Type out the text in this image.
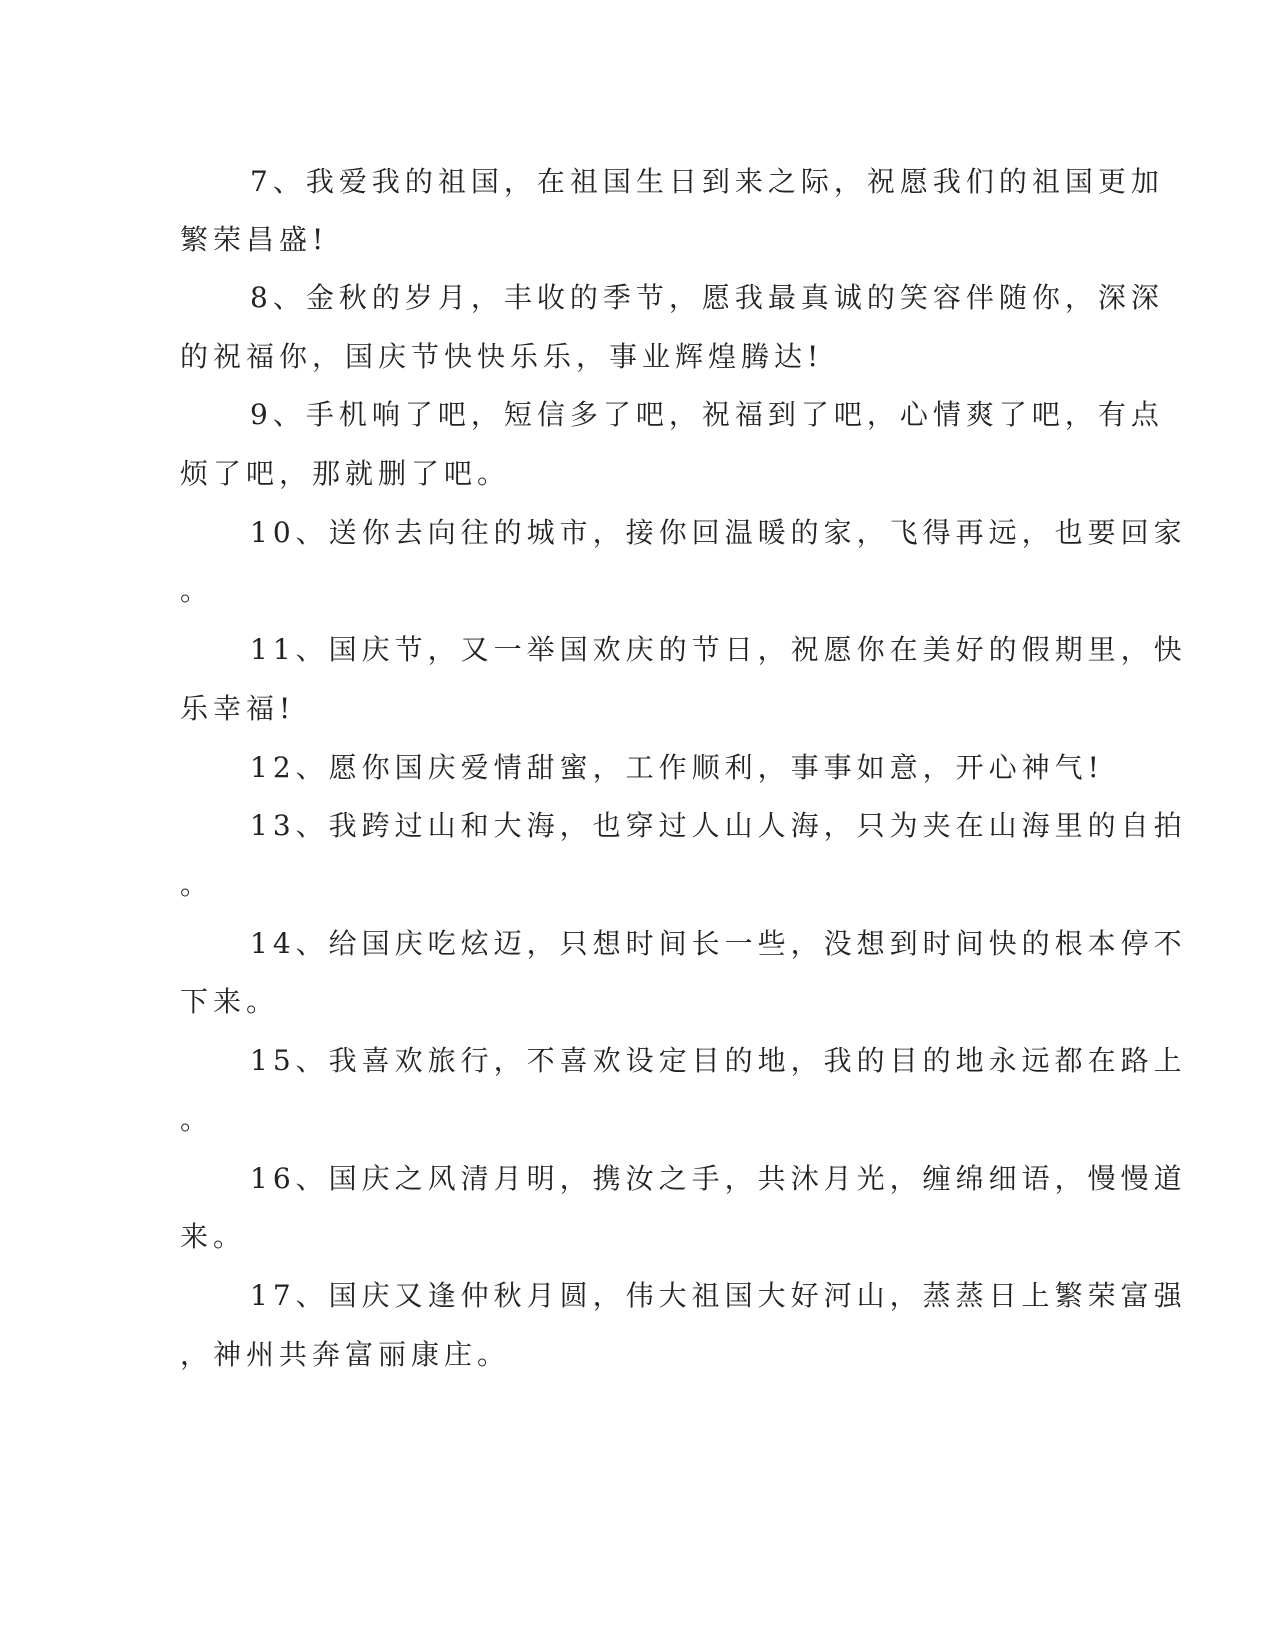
7、我爱我的祖国，在祖国生日到来之际，祝愿我们的祖国更加
繁荣昌盛!
8、金秋的岁月，丰收的季节，愿我最真诚的笑容伴随你，深深
的祝福你，国庆节快快乐乐，事业辉煌腾达!
9、手机响了吧，短信多了吧，祝福到了吧，心情爽了吧，有点
烦了吧，那就删了吧。
10、送你去向往的城市，接你回温暖的家，飞得再远，也要回家
。
11、国庆节，又一举国欢庆的节日，祝愿你在美好的假期里，快
乐幸福!
12、愿你国庆爱情甜蜜，工作顺利，事事如意，开心神气!
13、我跨过山和大海，也穿过人山人海，只为夹在山海里的自拍
。
14、给国庆吃炫迈，只想时间长一些，没想到时间快的根本停不
下来。
15、我喜欢旅行，不喜欢设定目的地，我的目的地永远都在路上
。
16、国庆之风清月明，携汝之手，共沐月光，缠绵细语，慢慢道
来。
17、国庆又逢仲秋月圆，伟大祖国大好河山，蒸蒸日上繁荣富强
，神州共奔富丽康庄。
